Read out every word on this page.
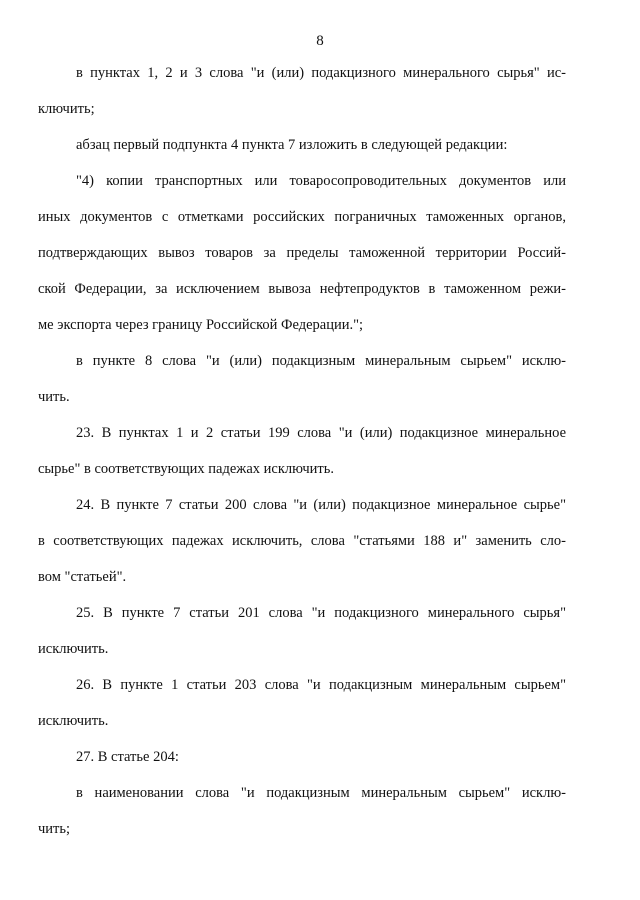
8
в пунктах 1, 2 и 3 слова "и (или) подакцизного минерального сырья" ис-
ключить;
абзац первый подпункта 4 пункта 7 изложить в следующей редакции:
"4) копии транспортных или товаросопроводительных документов или
иных документов с отметками российских пограничных таможенных органов,
подтверждающих вывоз товаров за пределы таможенной территории Россий-
ской Федерации, за исключением вывоза нефтепродуктов в таможенном режи-
ме экспорта через границу Российской Федерации.";
в пункте 8 слова "и (или) подакцизным минеральным сырьем" исклю-
чить.
23. В пунктах 1 и 2 статьи 199 слова "и (или) подакцизное минеральное
сырье" в соответствующих падежах исключить.
24. В пункте 7 статьи 200 слова "и (или) подакцизное минеральное сырье"
в соответствующих падежах исключить, слова "статьями 188 и" заменить сло-
вом "статьей".
25. В пункте 7 статьи 201 слова "и подакцизного минерального сырья"
исключить.
26. В пункте 1 статьи 203 слова "и подакцизным минеральным сырьем"
исключить.
27. В статье 204:
в наименовании слова "и подакцизным минеральным сырьем" исклю-
чить;
